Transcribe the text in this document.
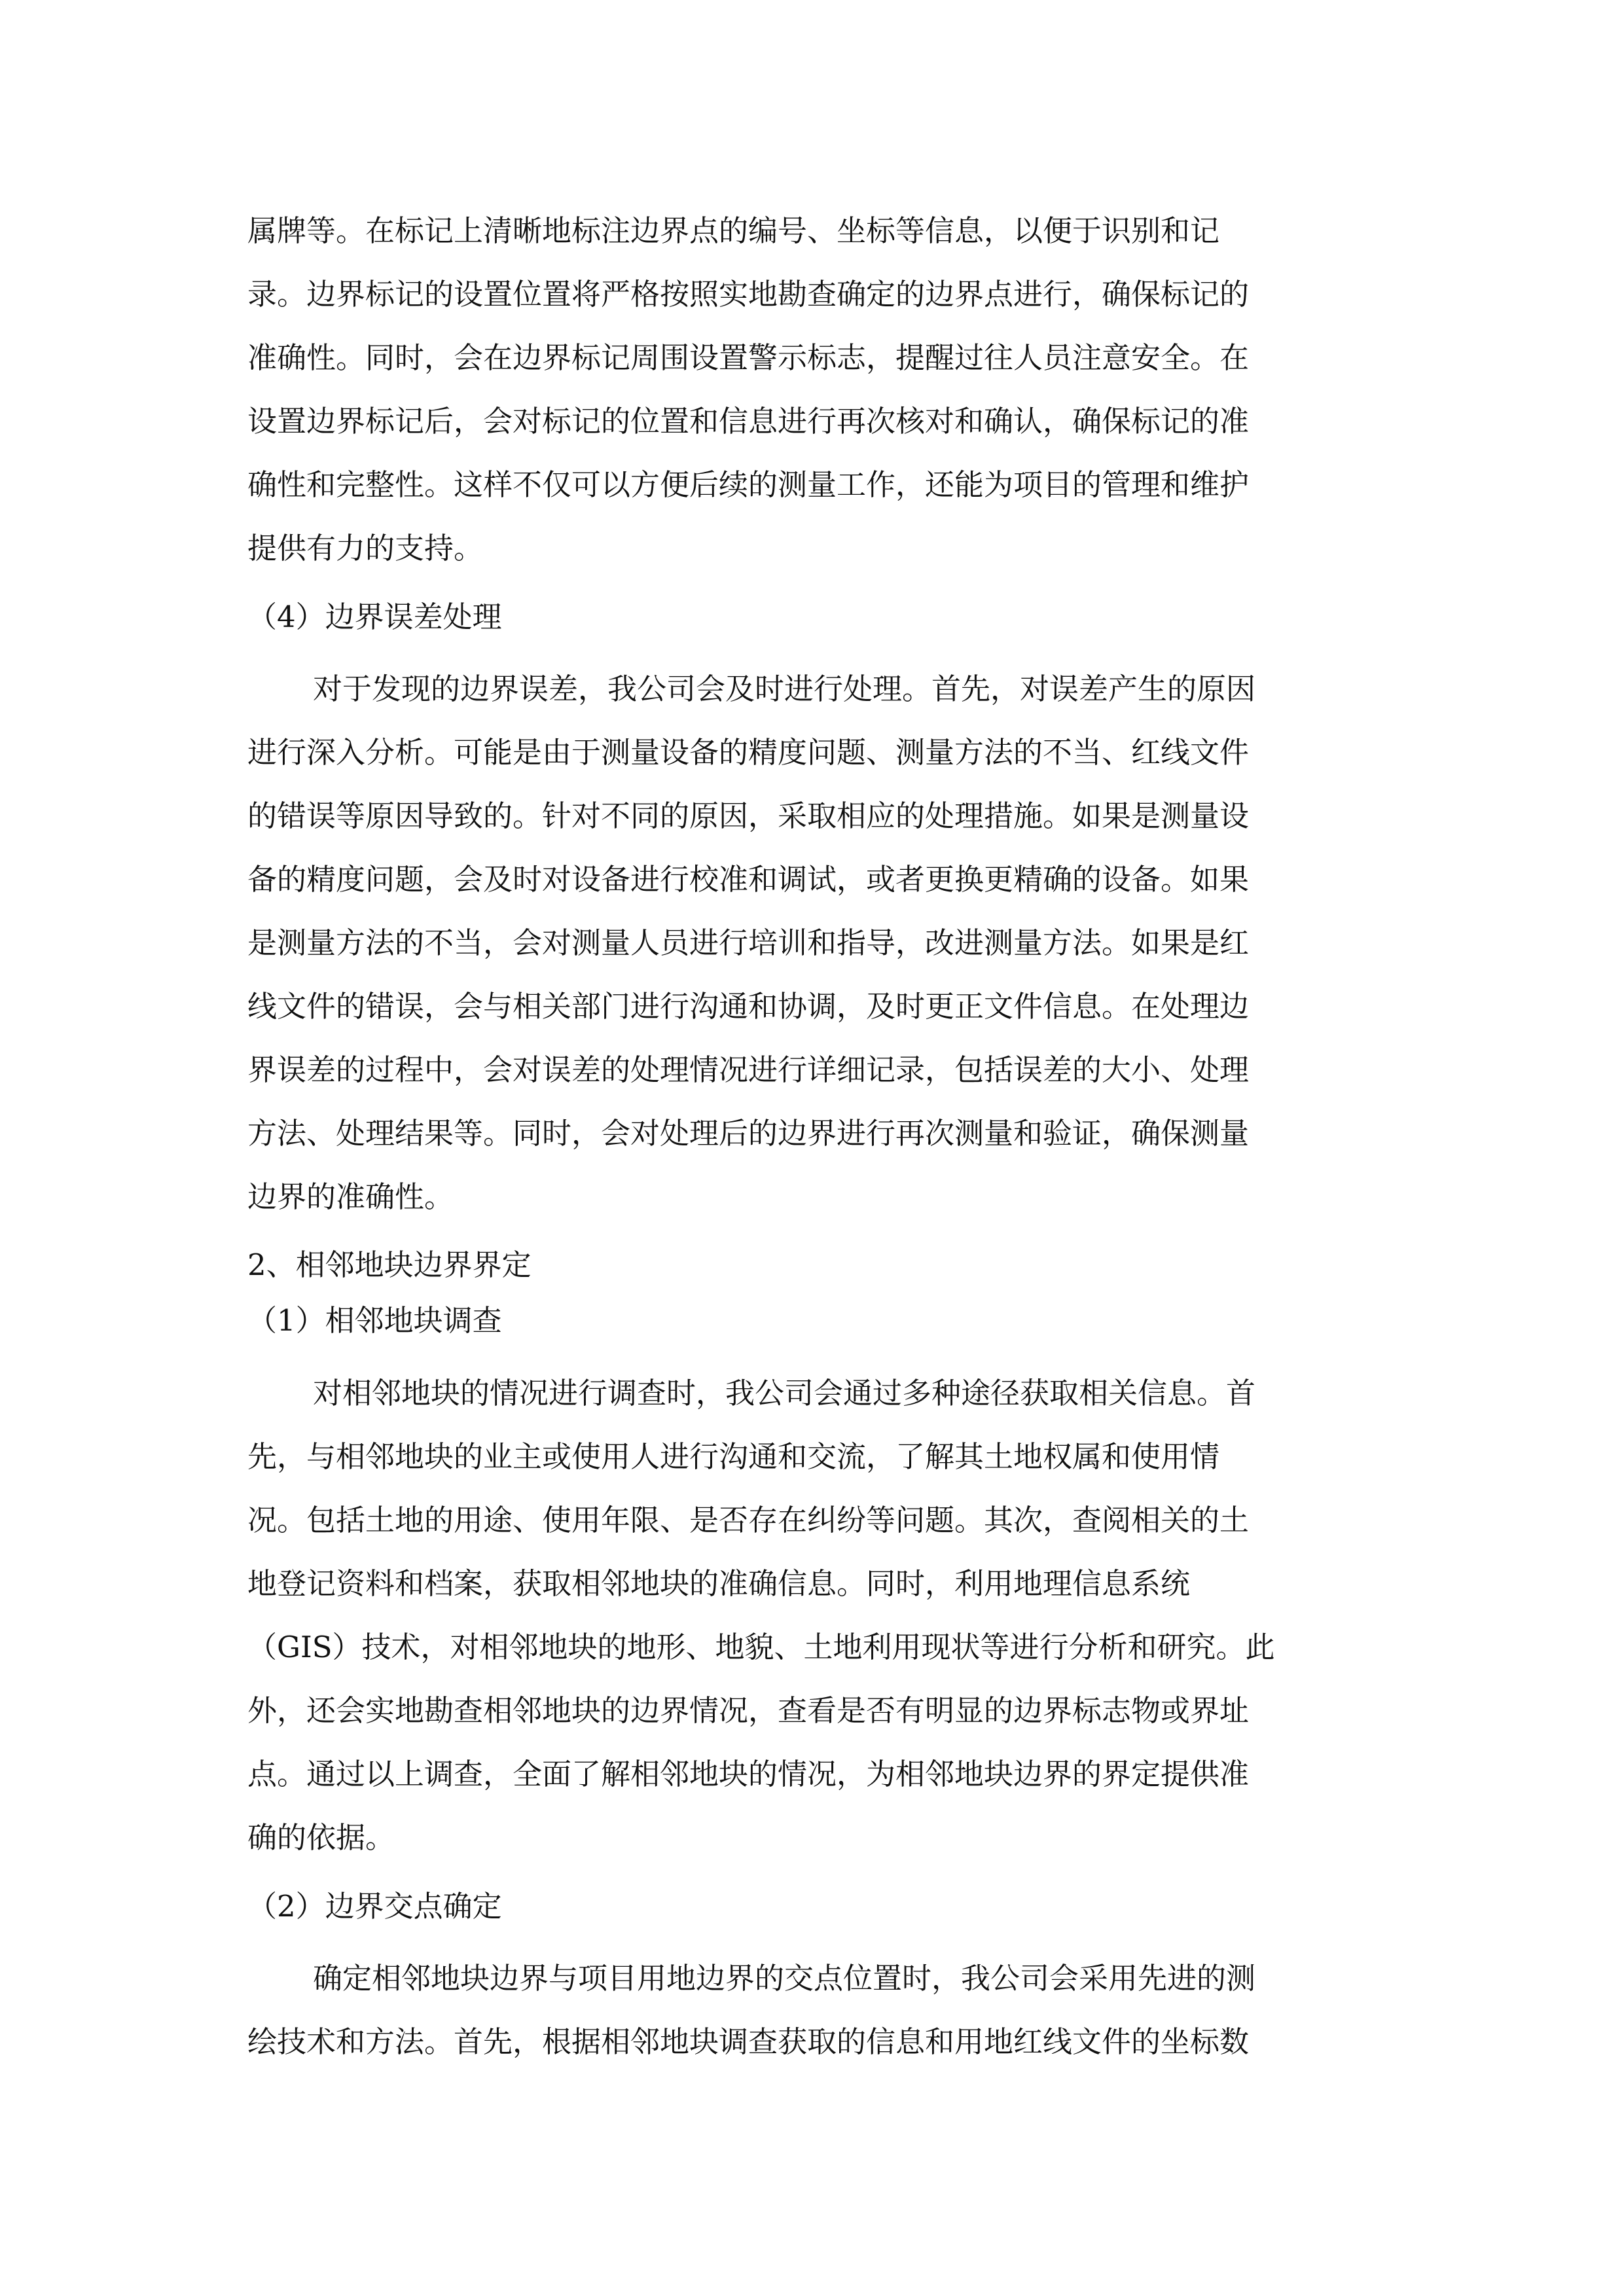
属牌等。在标记上清晰地标注边界点的编号、坐标等信息，以便于识别和记
录。边界标记的设置位置将严格按照实地勘查确定的边界点进行，确保标记的
准确性。同时，会在边界标记周围设置警示标志，提醒过往人员注意安全。在
设置边界标记后，会对标记的位置和信息进行再次核对和确认，确保标记的准
确性和完整性。这样不仅可以方便后续的测量工作，还能为项目的管理和维护
提供有力的支持。
（4）边界误差处理
对于发现的边界误差，我公司会及时进行处理。首先，对误差产生的原因
进行深入分析。可能是由于测量设备的精度问题、测量方法的不当、红线文件
的错误等原因导致的。针对不同的原因，采取相应的处理措施。如果是测量设
备的精度问题，会及时对设备进行校准和调试，或者更换更精确的设备。如果
是测量方法的不当，会对测量人员进行培训和指导，改进测量方法。如果是红
线文件的错误，会与相关部门进行沟通和协调，及时更正文件信息。在处理边
界误差的过程中，会对误差的处理情况进行详细记录，包括误差的大小、处理
方法、处理结果等。同时，会对处理后的边界进行再次测量和验证，确保测量
边界的准确性。
2、相邻地块边界界定
（1）相邻地块调查
对相邻地块的情况进行调查时，我公司会通过多种途径获取相关信息。首
先，与相邻地块的业主或使用人进行沟通和交流，了解其土地权属和使用情
况。包括土地的用途、使用年限、是否存在纠纷等问题。其次，查阅相关的土
地登记资料和档案，获取相邻地块的准确信息。同时，利用地理信息系统
（GIS）技术，对相邻地块的地形、地貌、土地利用现状等进行分析和研究。此
外，还会实地勘查相邻地块的边界情况，查看是否有明显的边界标志物或界址
点。通过以上调查，全面了解相邻地块的情况，为相邻地块边界的界定提供准
确的依据。
（2）边界交点确定
确定相邻地块边界与项目用地边界的交点位置时，我公司会采用先进的测
绘技术和方法。首先，根据相邻地块调查获取的信息和用地红线文件的坐标数
